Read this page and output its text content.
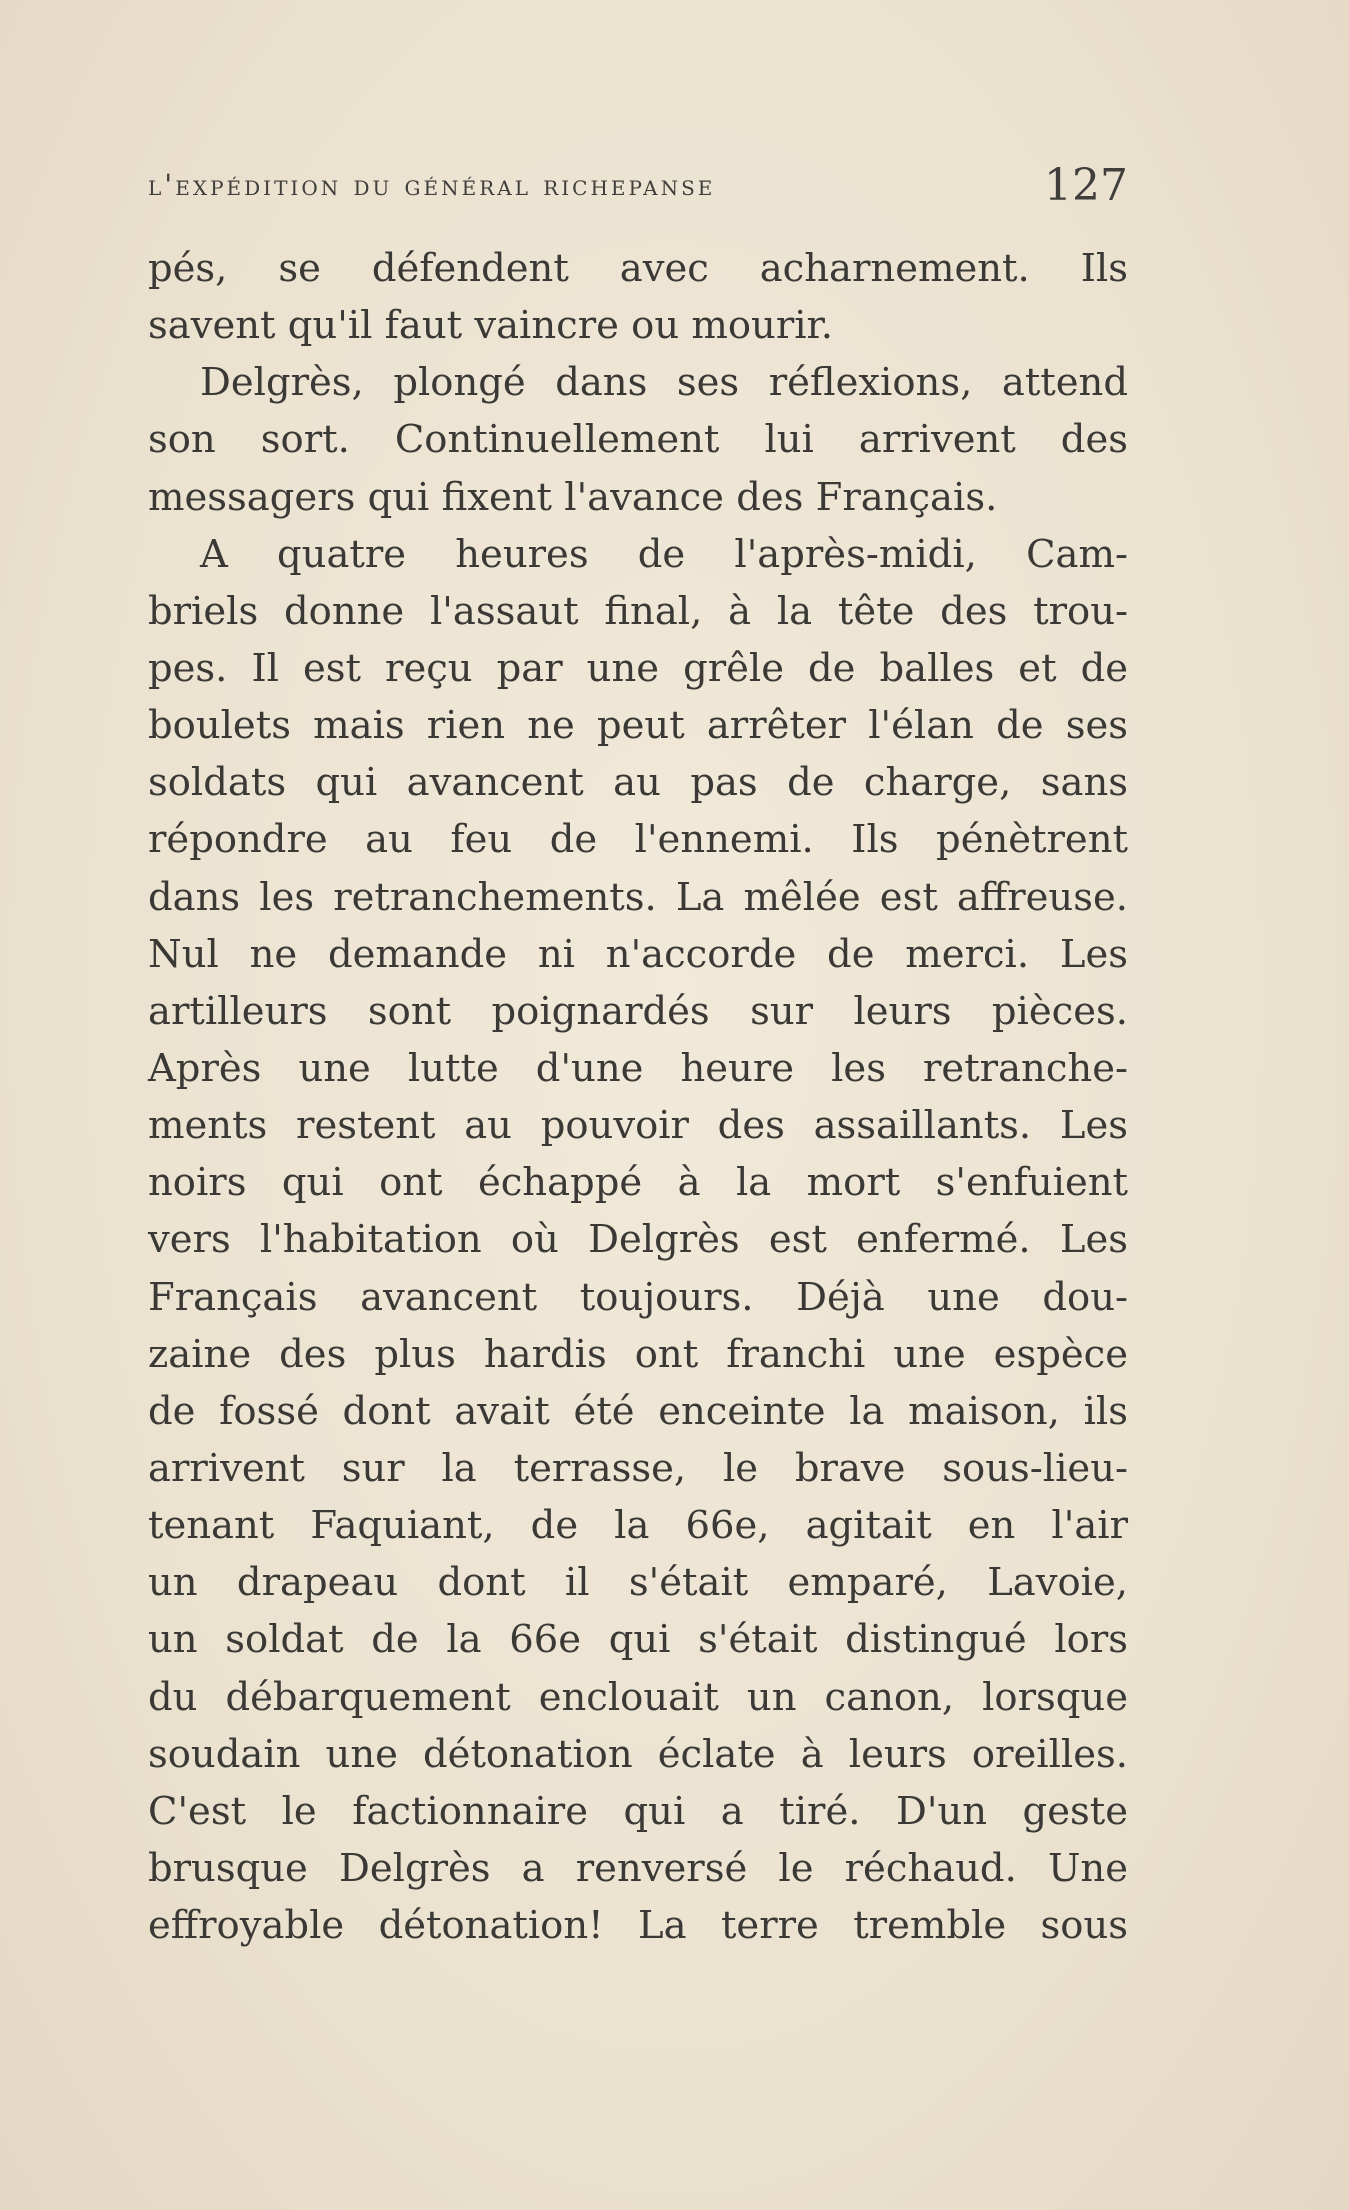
l'expédition du général richepanse	127
pés, se défendent avec acharnement. Ils
savent qu'il faut vaincre ou mourir.
Delgrès, plongé dans ses réflexions, attend
son sort. Continuellement lui arrivent des
messagers qui fixent l'avance des Français.
A quatre heures de l'après-midi, Cam-
briels donne l'assaut final, à la tête des trou-
pes. Il est reçu par une grêle de balles et de
boulets mais rien ne peut arrêter l'élan de ses
soldats qui avancent au pas de charge, sans
répondre au feu de l'ennemi. Ils pénètrent
dans les retranchements. La mêlée est affreuse.
Nul ne demande ni n'accorde de merci. Les
artilleurs sont poignardés sur leurs pièces.
Après une lutte d'une heure les retranche-
ments restent au pouvoir des assaillants. Les
noirs qui ont échappé à la mort s'enfuient
vers l'habitation où Delgrès est enfermé. Les
Français avancent toujours. Déjà une dou-
zaine des plus hardis ont franchi une espèce
de fossé dont avait été enceinte la maison, ils
arrivent sur la terrasse, le brave sous-lieu-
tenant Faquiant, de la 66e, agitait en l'air
un drapeau dont il s'était emparé, Lavoie,
un soldat de la 66e qui s'était distingué lors
du débarquement enclouait un canon, lorsque
soudain une détonation éclate à leurs oreilles.
C'est le factionnaire qui a tiré. D'un geste
brusque Delgrès a renversé le réchaud. Une
effroyable détonation! La terre tremble sous
